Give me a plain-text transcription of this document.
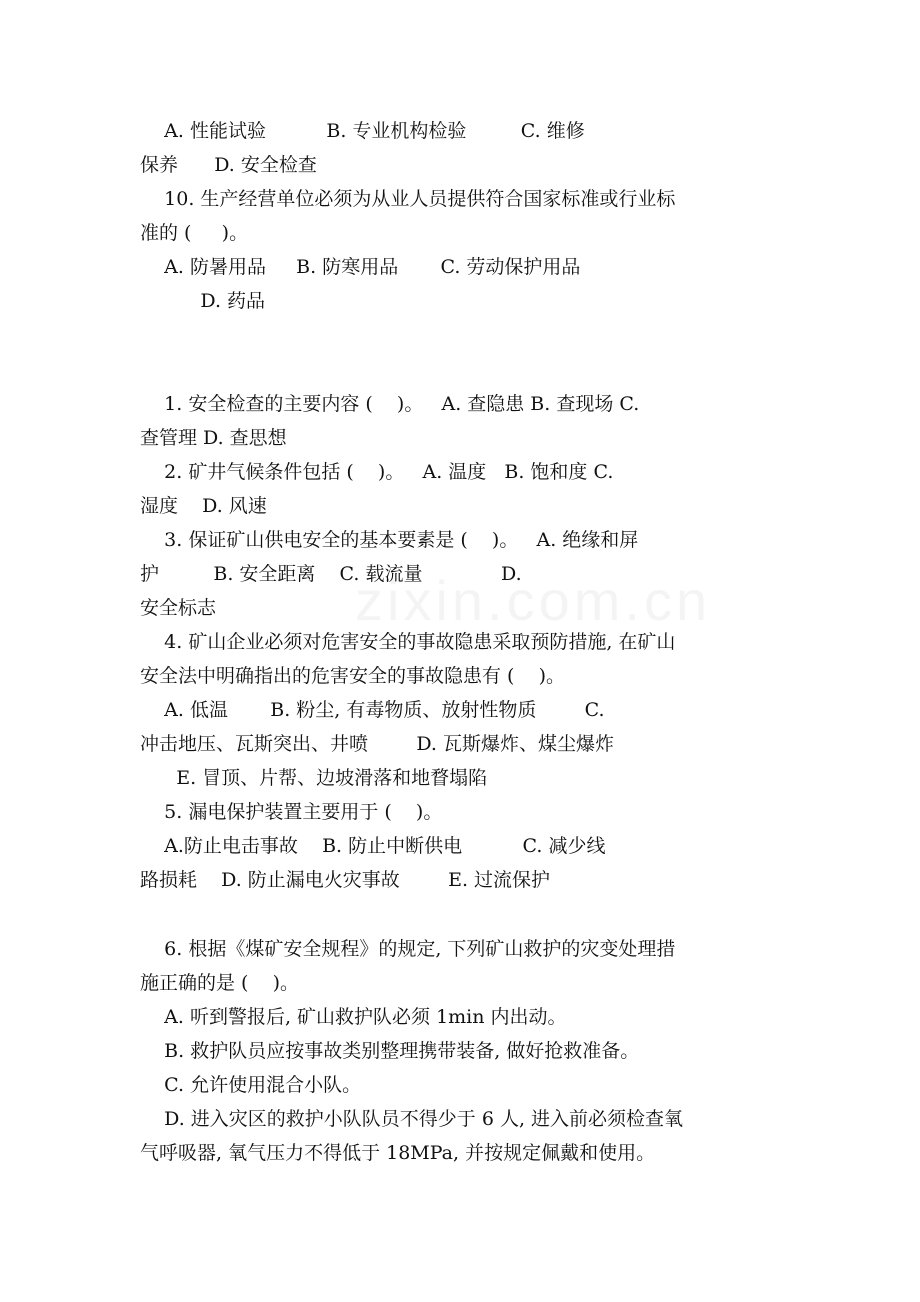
A. 性能试验          B. 专业机构检验         C. 维修
保养      D. 安全检查
10. 生产经营单位必须为从业人员提供符合国家标准或行业标
准的 (     )。
A. 防暑用品     B. 防寒用品       C. 劳动保护用品
D. 药品
1. 安全检查的主要内容 (    )。   A. 查隐患 B. 查现场 C.
查管理 D. 查思想
2. 矿井气候条件包括 (    )。   A. 温度   B. 饱和度 C.
湿度    D. 风速
3. 保证矿山供电安全的基本要素是 (    )。   A. 绝缘和屏
护         B. 安全距离    C. 载流量             D.
安全标志
4. 矿山企业必须对危害安全的事故隐患采取预防措施, 在矿山
安全法中明确指出的危害安全的事故隐患有 (    )。
A. 低温       B. 粉尘, 有毒物质、放射性物质        C.
冲击地压、瓦斯突出、井喷        D. 瓦斯爆炸、煤尘爆炸
E. 冒顶、片帮、边坡滑落和地瞀塌陷
5. 漏电保护装置主要用于 (    )。
A.防止电击事故    B. 防止中断供电          C. 减少线
路损耗    D. 防止漏电火灾事故        E. 过流保护
6. 根据《煤矿安全规程》的规定, 下列矿山救护的灾变处理措
施正确的是 (    )。
A. 听到警报后, 矿山救护队必须 1min 内出动。
B. 救护队员应按事故类别整理携带装备, 做好抢救准备。
C. 允许使用混合小队。
D. 进入灾区的救护小队队员不得少于 6 人, 进入前必须检查氧
气呼吸器, 氧气压力不得低于 18MPa, 并按规定佩戴和使用。
